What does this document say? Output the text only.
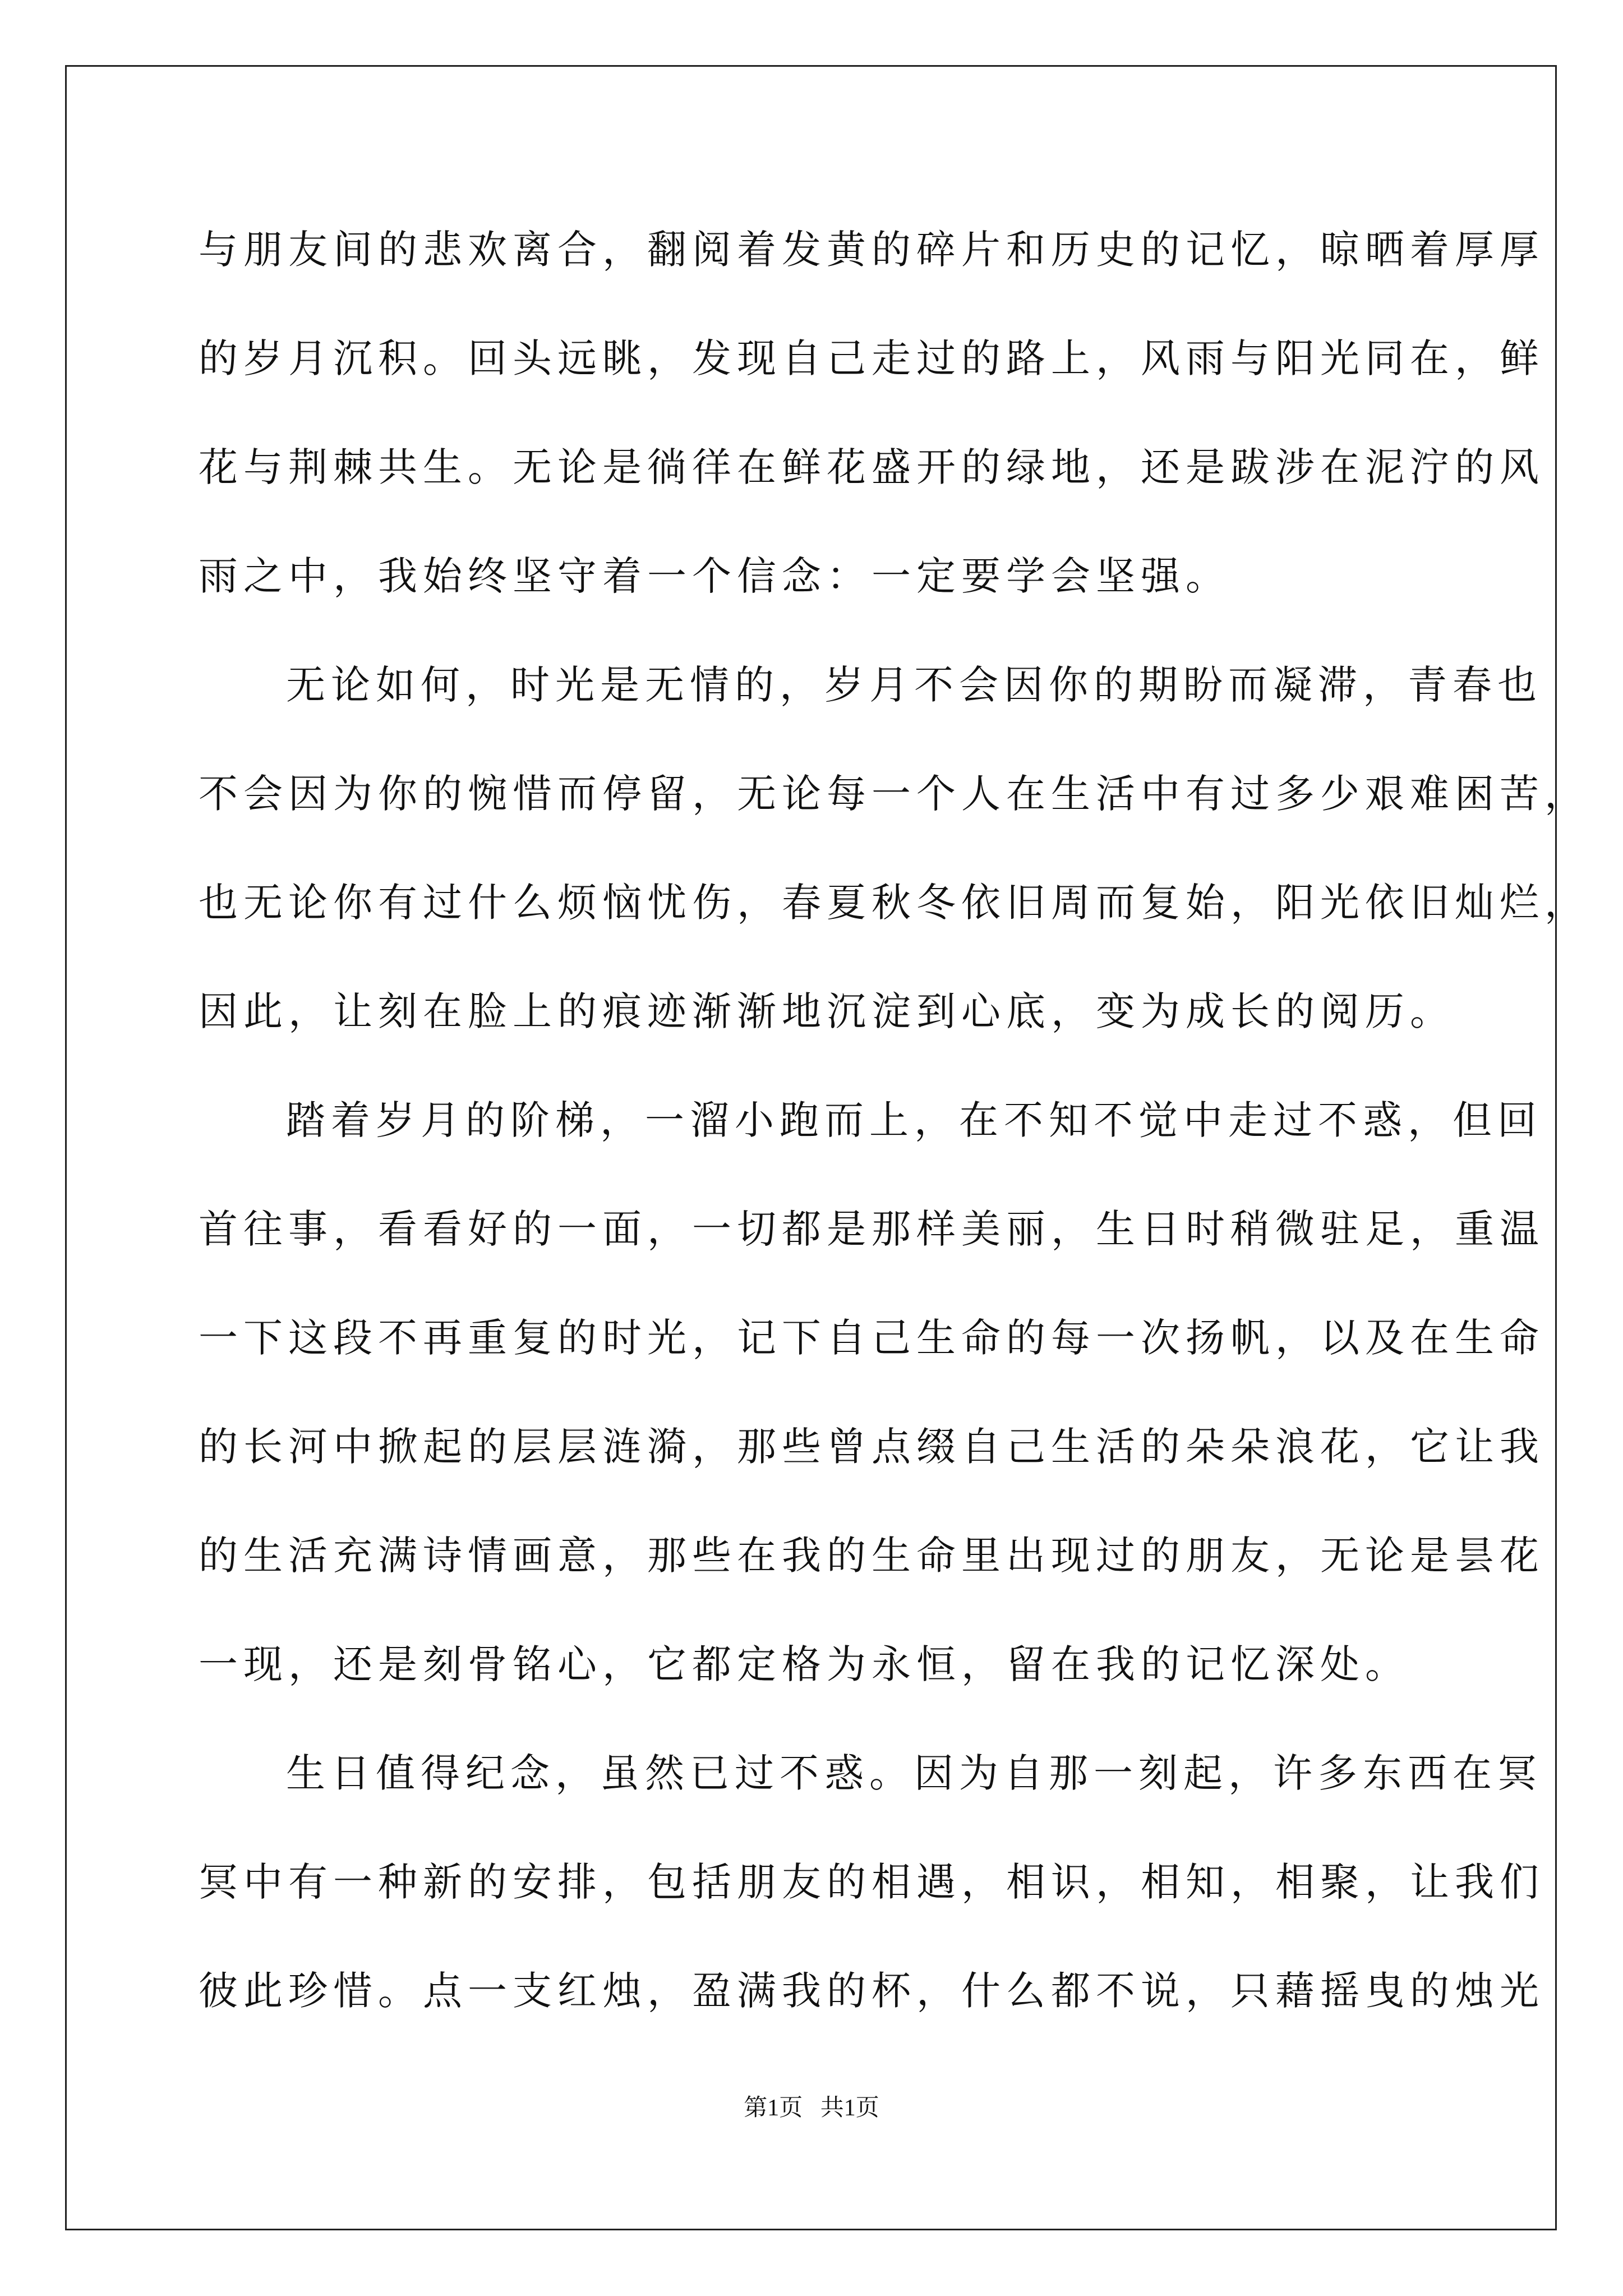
与朋友间的悲欢离合，翻阅着发黄的碎片和历史的记忆，晾晒着厚厚
的岁月沉积。回头远眺，发现自己走过的路上，风雨与阳光同在，鲜
花与荆棘共生。无论是徜徉在鲜花盛开的绿地，还是跋涉在泥泞的风
雨之中，我始终坚守着一个信念：一定要学会坚强。
无论如何，时光是无情的，岁月不会因你的期盼而凝滞，青春也
不会因为你的惋惜而停留，无论每一个人在生活中有过多少艰难困苦，
也无论你有过什么烦恼忧伤，春夏秋冬依旧周而复始，阳光依旧灿烂，
因此，让刻在脸上的痕迹渐渐地沉淀到心底，变为成长的阅历。
踏着岁月的阶梯，一溜小跑而上，在不知不觉中走过不惑，但回
首往事，看看好的一面，一切都是那样美丽，生日时稍微驻足，重温
一下这段不再重复的时光，记下自己生命的每一次扬帆，以及在生命
的长河中掀起的层层涟漪，那些曾点缀自己生活的朵朵浪花，它让我
的生活充满诗情画意，那些在我的生命里出现过的朋友，无论是昙花
一现，还是刻骨铭心，它都定格为永恒，留在我的记忆深处。
生日值得纪念，虽然已过不惑。因为自那一刻起，许多东西在冥
冥中有一种新的安排，包括朋友的相遇，相识，相知，相聚，让我们
彼此珍惜。点一支红烛，盈满我的杯，什么都不说，只藉摇曳的烛光
第1页   共1页
